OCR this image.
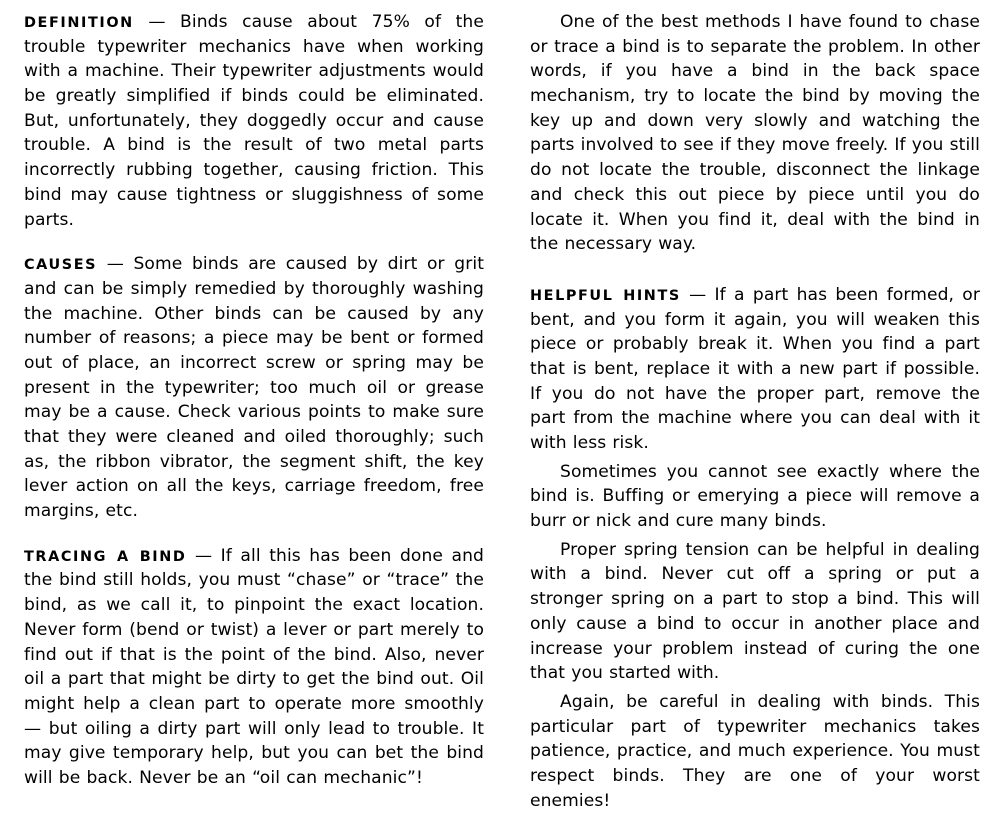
DEFINITION — Binds cause about 75% of the trouble typewriter mechanics have when working with a machine. Their typewriter adjustments would be greatly simplified if binds could be eliminated. But, unfortunately, they doggedly occur and cause trouble. A bind is the result of two metal parts incorrectly rubbing together, causing friction. This bind may cause tightness or sluggishness of some parts.

CAUSES — Some binds are caused by dirt or grit and can be simply remedied by thoroughly washing the machine. Other binds can be caused by any number of reasons; a piece may be bent or formed out of place, an incorrect screw or spring may be present in the typewriter; too much oil or grease may be a cause. Check various points to make sure that they were cleaned and oiled thoroughly; such as, the ribbon vibrator, the segment shift, the key lever action on all the keys, carriage freedom, free margins, etc.

TRACING A BIND — If all this has been done and the bind still holds, you must “chase” or “trace” the bind, as we call it, to pinpoint the exact location. Never form (bend or twist) a lever or part merely to find out if that is the point of the bind. Also, never oil a part that might be dirty to get the bind out. Oil might help a clean part to operate more smoothly — but oiling a dirty part will only lead to trouble. It may give temporary help, but you can bet the bind will be back. Never be an “oil can mechanic”!

One of the best methods I have found to chase or trace a bind is to separate the problem. In other words, if you have a bind in the back space mechanism, try to locate the bind by moving the key up and down very slowly and watching the parts involved to see if they move freely. If you still do not locate the trouble, disconnect the linkage and check this out piece by piece until you do locate it. When you find it, deal with the bind in the necessary way.

HELPFUL HINTS — If a part has been formed, or bent, and you form it again, you will weaken this piece or probably break it. When you find a part that is bent, replace it with a new part if possible. If you do not have the proper part, remove the part from the machine where you can deal with it with less risk.

Sometimes you cannot see exactly where the bind is. Buffing or emerying a piece will remove a burr or nick and cure many binds.

Proper spring tension can be helpful in dealing with a bind. Never cut off a spring or put a stronger spring on a part to stop a bind. This will only cause a bind to occur in another place and increase your problem instead of curing the one that you started with.

Again, be careful in dealing with binds. This particular part of typewriter mechanics takes patience, practice, and much experience. You must respect binds. They are one of your worst enemies!
